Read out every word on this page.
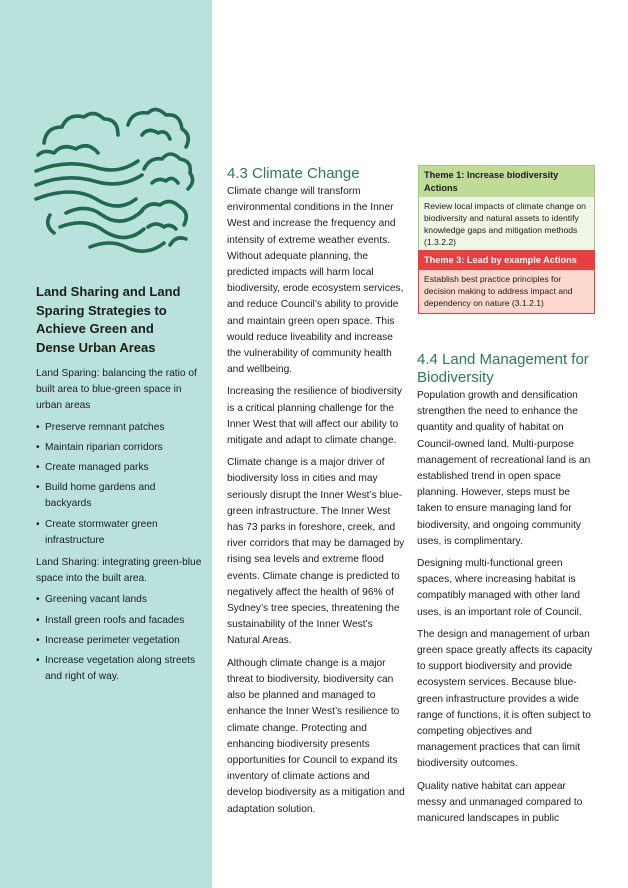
Land Sharing and Land Sparing Strategies to Achieve Green and Dense Urban Areas

Land Sparing: balancing the ratio of built area to blue-green space in urban areas

• Preserve remnant patches
• Maintain riparian corridors
• Create managed parks
• Build home gardens and backyards
• Create stormwater green infrastructure

Land Sharing: integrating green-blue space into the built area.

• Greening vacant lands
• Install green roofs and facades
• Increase perimeter vegetation
• Increase vegetation along streets and right of way.
4.3 Climate Change

Climate change will transform environmental conditions in the Inner West and increase the frequency and intensity of extreme weather events. Without adequate planning, the predicted impacts will harm local biodiversity, erode ecosystem services, and reduce Council’s ability to provide and maintain green open space. This would reduce liveability and increase the vulnerability of community health and wellbeing.

Increasing the resilience of biodiversity is a critical planning challenge for the Inner West that will affect our ability to mitigate and adapt to climate change.

Climate change is a major driver of biodiversity loss in cities and may seriously disrupt the Inner West’s blue-green infrastructure. The Inner West has 73 parks in foreshore, creek, and river corridors that may be damaged by rising sea levels and extreme flood events. Climate change is predicted to negatively affect the health of 96% of Sydney’s tree species, threatening the sustainability of the Inner West’s Natural Areas.

Although climate change is a major threat to biodiversity, biodiversity can also be planned and managed to enhance the Inner West’s resilience to climate change. Protecting and enhancing biodiversity presents opportunities for Council to expand its inventory of climate actions and develop biodiversity as a mitigation and adaptation solution.

Theme 1: Increase biodiversity Actions
Review local impacts of climate change on biodiversity and natural assets to identify knowledge gaps and mitigation methods (1.3.2.2)
Theme 3: Lead by example Actions
Establish best practice principles for decision making to address impact and dependency on nature (3.1.2.1)
4.4 Land Management for Biodiversity

Population growth and densification strengthen the need to enhance the quantity and quality of habitat on Council-owned land. Multi-purpose management of recreational land is an established trend in open space planning. However, steps must be taken to ensure managing land for biodiversity, and ongoing community uses, is complimentary.

Designing multi-functional green spaces, where increasing habitat is compatibly managed with other land uses, is an important role of Council.

The design and management of urban green space greatly affects its capacity to support biodiversity and provide ecosystem services. Because blue-green infrastructure provides a wide range of functions, it is often subject to competing objectives and management practices that can limit biodiversity outcomes.

Quality native habitat can appear messy and unmanaged compared to manicured landscapes in public
